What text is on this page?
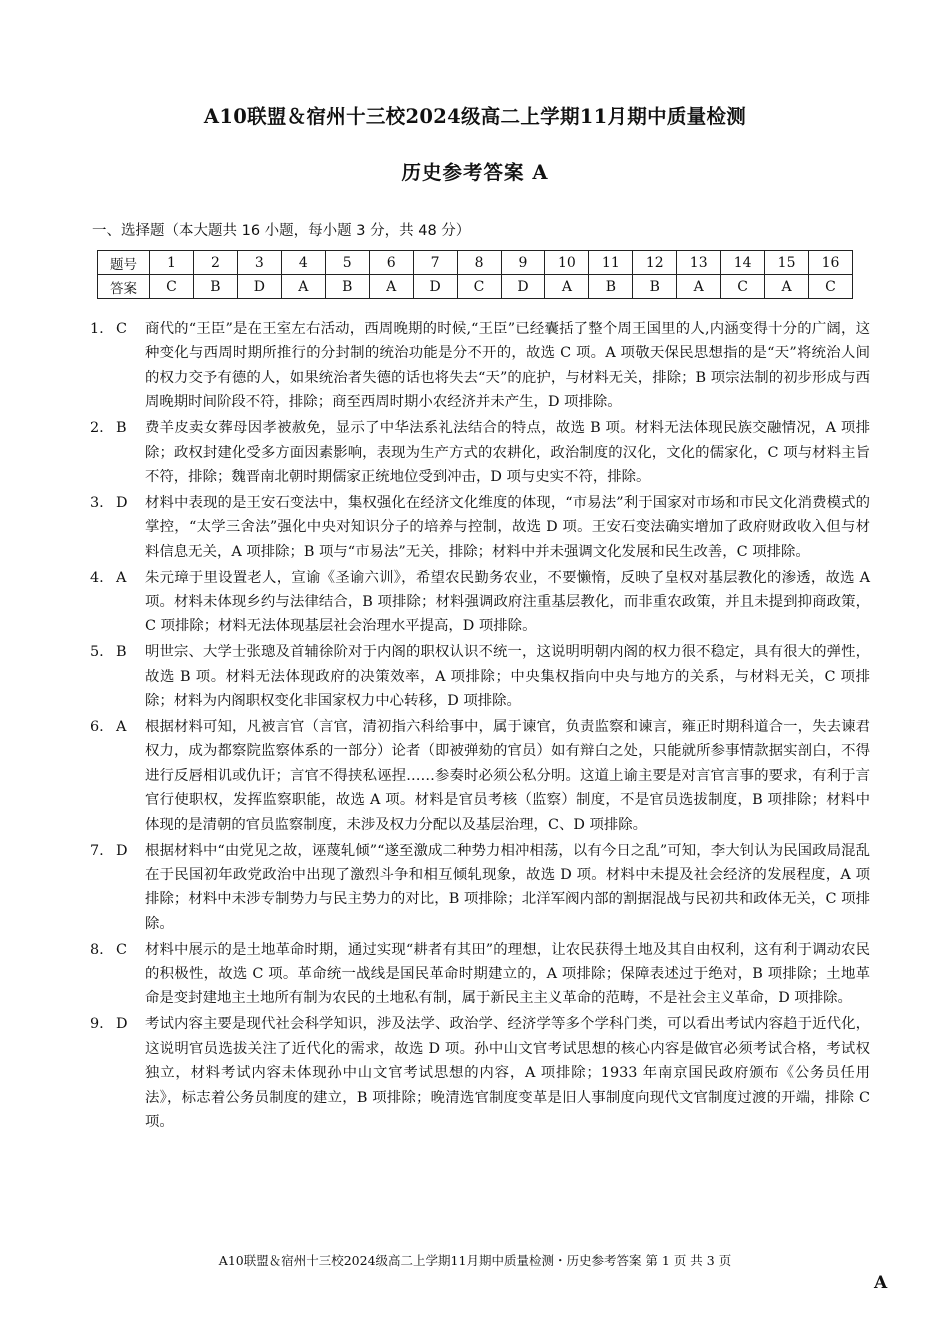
A10联盟＆宿州十三校2024级高二上学期11月期中质量检测
历史参考答案 A
一、选择题（本大题共 16 小题，每小题 3 分，共 48 分）
题号	1	2	3	4	5	6	7	8	9	10	11	12	13	14	15	16
答案	C	B	D	A	B	A	D	C	D	A	B	B	A	C	A	C
1. C	商代的“王臣”是在王室左右活动，西周晚期的时候,“王臣”已经囊括了整个周王国里的人,内涵变得十分的广阔，这种变化与西周时期所推行的分封制的统治功能是分不开的，故选 C 项。A 项敬天保民思想指的是“天”将统治人间的权力交予有德的人，如果统治者失德的话也将失去“天”的庇护，与材料无关，排除；B 项宗法制的初步形成与西周晚期时间阶段不符，排除；商至西周时期小农经济并未产生，D 项排除。
2. B	费羊皮卖女葬母因孝被赦免，显示了中华法系礼法结合的特点，故选 B 项。材料无法体现民族交融情况，A 项排除；政权封建化受多方面因素影响，表现为生产方式的农耕化，政治制度的汉化，文化的儒家化，C 项与材料主旨不符，排除；魏晋南北朝时期儒家正统地位受到冲击，D 项与史实不符，排除。
3. D	材料中表现的是王安石变法中，集权强化在经济文化维度的体现，“市易法”利于国家对市场和市民文化消费模式的掌控，“太学三舍法”强化中央对知识分子的培养与控制，故选 D 项。王安石变法确实增加了政府财政收入但与材料信息无关，A 项排除；B 项与“市易法”无关，排除；材料中并未强调文化发展和民生改善，C 项排除。
4. A	朱元璋于里设置老人，宣谕《圣谕六训》，希望农民勤务农业，不要懒惰，反映了皇权对基层教化的渗透，故选 A 项。材料未体现乡约与法律结合，B 项排除；材料强调政府注重基层教化，而非重农政策，并且未提到抑商政策，C 项排除；材料无法体现基层社会治理水平提高，D 项排除。
5. B	明世宗、大学士张璁及首辅徐阶对于内阁的职权认识不统一，这说明明朝内阁的权力很不稳定，具有很大的弹性，故选 B 项。材料无法体现政府的决策效率，A 项排除；中央集权指向中央与地方的关系，与材料无关，C 项排除；材料为内阁职权变化非国家权力中心转移，D 项排除。
6. A	根据材料可知，凡被言官（言官，清初指六科给事中，属于谏官，负责监察和谏言，雍正时期科道合一，失去谏君权力，成为都察院监察体系的一部分）论者（即被弹劾的官员）如有辩白之处，只能就所参事情款据实剖白，不得进行反唇相讥或仇讦；言官不得挟私诬捏……参奏时必须公私分明。这道上谕主要是对言官言事的要求，有利于言官行使职权，发挥监察职能，故选 A 项。材料是官员考核（监察）制度，不是官员选拔制度，B 项排除；材料中体现的是清朝的官员监察制度，未涉及权力分配以及基层治理，C、D 项排除。
7. D	根据材料中“由党见之故，诬蔑轧倾”“遂至激成二种势力相冲相荡，以有今日之乱”可知，李大钊认为民国政局混乱在于民国初年政党政治中出现了激烈斗争和相互倾轧现象，故选 D 项。材料中未提及社会经济的发展程度，A 项排除；材料中未涉专制势力与民主势力的对比，B 项排除；北洋军阀内部的割据混战与民初共和政体无关，C 项排除。
8. C	材料中展示的是土地革命时期，通过实现“耕者有其田”的理想，让农民获得土地及其自由权利，这有利于调动农民的积极性，故选 C 项。革命统一战线是国民革命时期建立的，A 项排除；保障表述过于绝对，B 项排除；土地革命是变封建地主土地所有制为农民的土地私有制，属于新民主主义革命的范畴，不是社会主义革命，D 项排除。
9. D	考试内容主要是现代社会科学知识，涉及法学、政治学、经济学等多个学科门类，可以看出考试内容趋于近代化，这说明官员选拔关注了近代化的需求，故选 D 项。孙中山文官考试思想的核心内容是做官必须考试合格，考试权独立，材料考试内容未体现孙中山文官考试思想的内容，A 项排除；1933 年南京国民政府颁布《公务员任用法》，标志着公务员制度的建立，B 项排除；晚清选官制度变革是旧人事制度向现代文官制度过渡的开端，排除 C 项。
A10联盟＆宿州十三校2024级高二上学期11月期中质量检测・历史参考答案 第 1 页 共 3 页
A
